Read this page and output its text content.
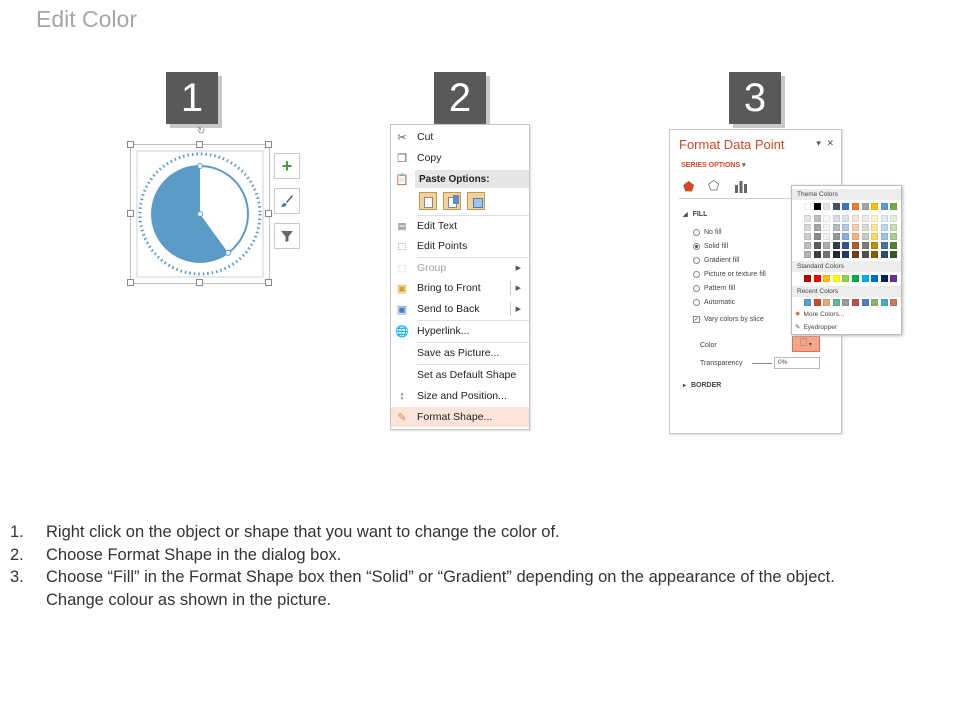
Edit Color
1	2	3
↻
+
✂ Cut
❐ Copy
📋	Paste Options:
▤	Edit Text
⬚	Edit Points
⬚	Group	▶
▣ Bring to Front	▶
▣ Send to Back	▶
🌐 Hyperlink...
Save as Picture...
Set as Default Shape
↕	Size and Position...
✎ Format Shape...
Format Data Point	▾ ✕
SERIES OPTIONS ▾
⬟ ⬠
◢ FILL
No fill
Solid fill
Gradient fill
Picture or texture fill
Pattern fill
Automatic
✓ Vary colors by slice
Color	🗌 ▾
Transparency	0%
▸ BORDER
Theme Colors
Standard Colors
Recent Colors
✸ More Colors...
✎ Eyedropper
1.	Right click on the object or shape that you want to change the color of.
2.	Choose Format Shape in the dialog box.
3.	Choose “Fill” in the Format Shape box then “Solid” or “Gradient” depending on the appearance of the object.
Change colour as shown in the picture.
